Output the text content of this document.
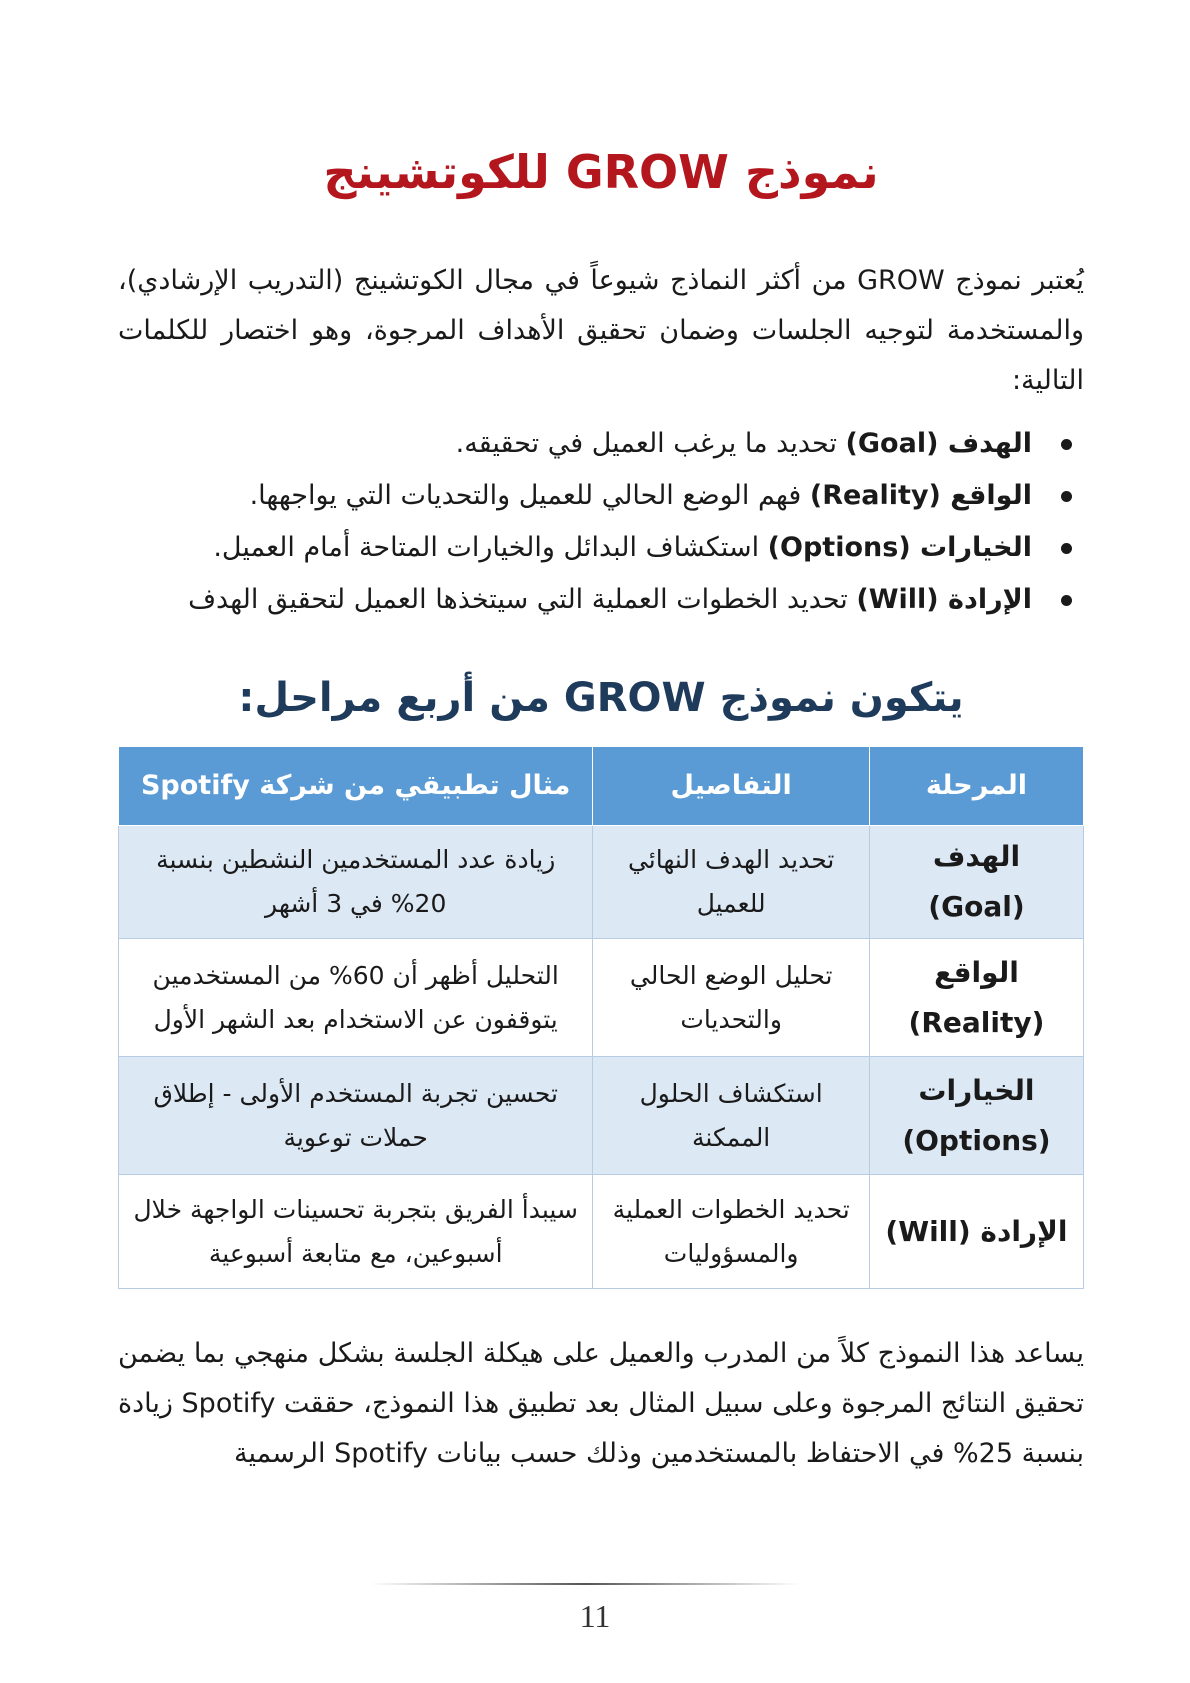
نموذج GROW للكوتشينج

يُعتبر نموذج GROW من أكثر النماذج شيوعاً في مجال الكوتشينج (التدريب الإرشادي)، والمستخدمة لتوجيه الجلسات وضمان تحقيق الأهداف المرجوة، وهو اختصار للكلمات التالية:

الهدف (Goal) تحديد ما يرغب العميل في تحقيقه.
الواقع (Reality) فهم الوضع الحالي للعميل والتحديات التي يواجهها.
الخيارات (Options) استكشاف البدائل والخيارات المتاحة أمام العميل.
الإرادة (Will) تحديد الخطوات العملية التي سيتخذها العميل لتحقيق الهدف
يتكون نموذج GROW من أربع مراحل:
المرحلة	التفاصيل	مثال تطبيقي من شركة Spotify
الهدف (Goal)	تحديد الهدف النهائي للعميل	زيادة عدد المستخدمين النشطين بنسبة 20% في 3 أشهر
الواقع (Reality)	تحليل الوضع الحالي والتحديات	التحليل أظهر أن 60% من المستخدمين يتوقفون عن الاستخدام بعد الشهر الأول
الخيارات (Options)	استكشاف الحلول الممكنة	تحسين تجربة المستخدم الأولى - إطلاق حملات توعوية
الإرادة (Will)	تحديد الخطوات العملية والمسؤوليات	سيبدأ الفريق بتجربة تحسينات الواجهة خلال أسبوعين، مع متابعة أسبوعية

يساعد هذا النموذج كلاً من المدرب والعميل على هيكلة الجلسة بشكل منهجي بما يضمن تحقيق النتائج المرجوة وعلى سبيل المثال بعد تطبيق هذا النموذج، حققت Spotify زيادة بنسبة 25% في الاحتفاظ بالمستخدمين وذلك حسب بيانات Spotify الرسمية

11
